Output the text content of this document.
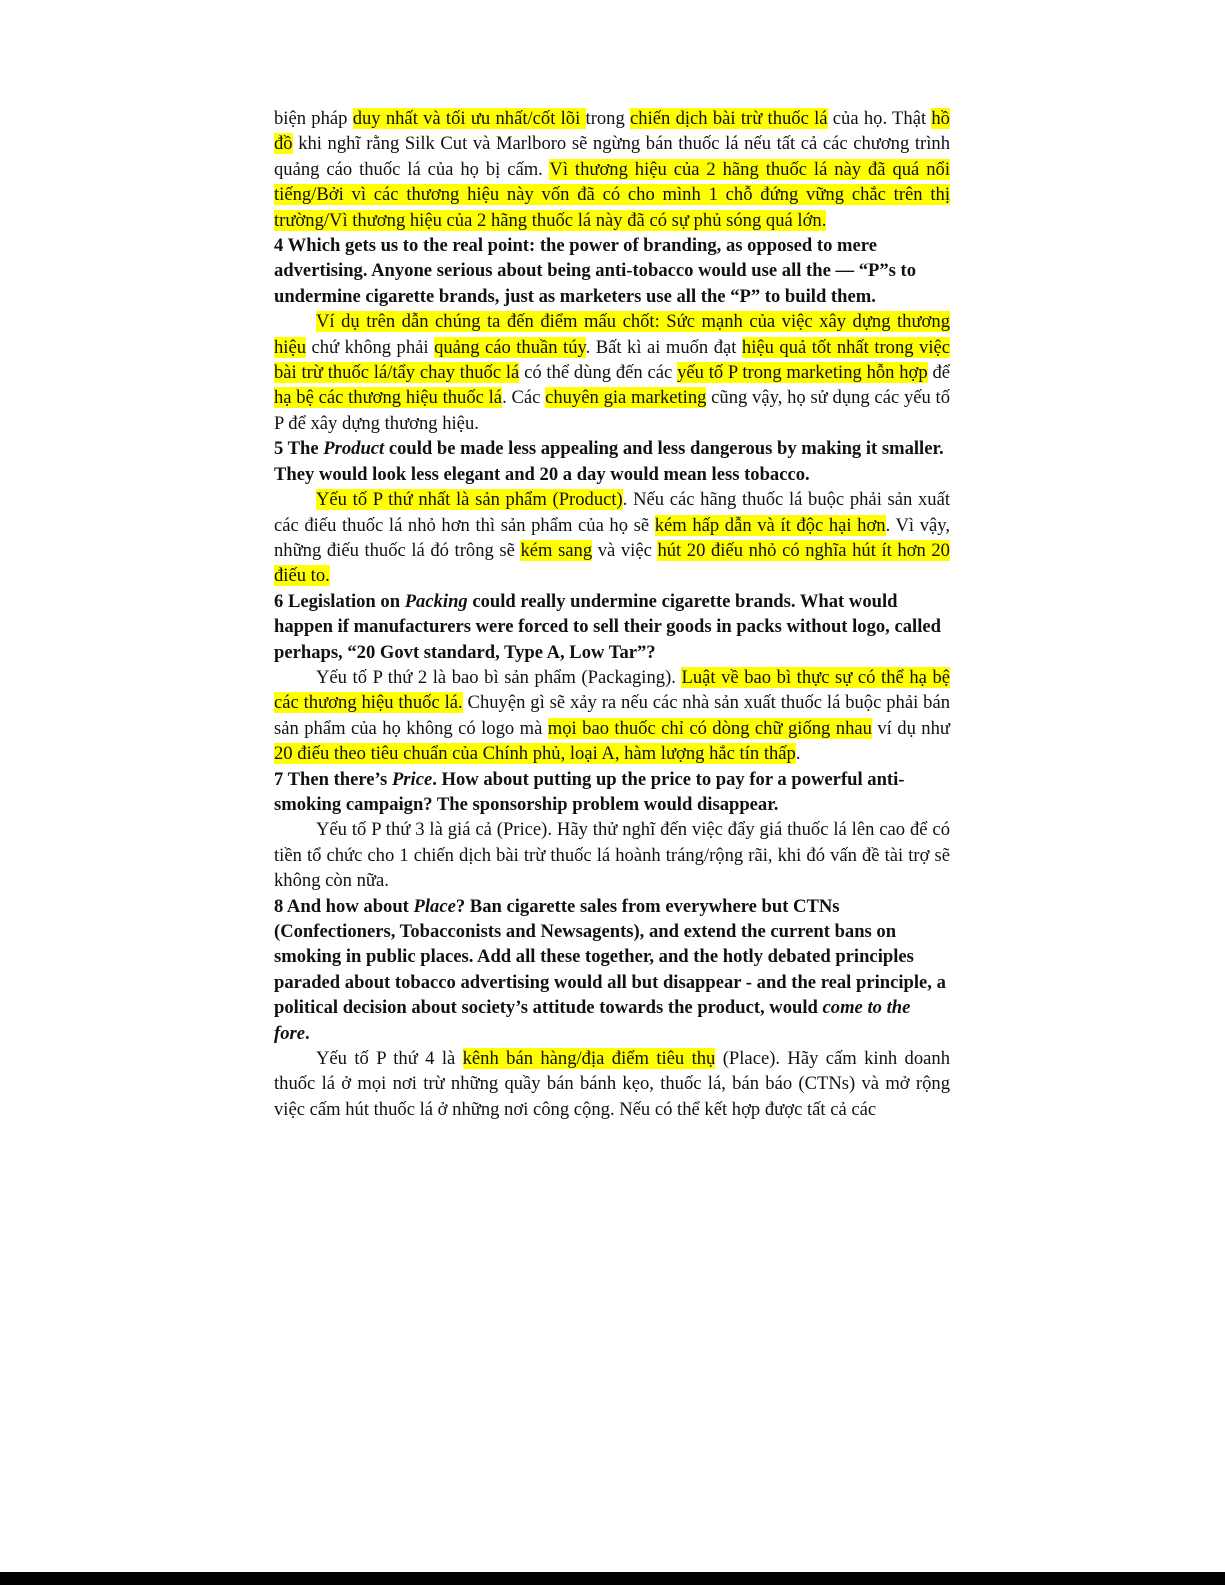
biện pháp duy nhất và tối ưu nhất/cốt lõi trong chiến dịch bài trừ thuốc lá của họ. Thật hồ đồ khi nghĩ rằng Silk Cut và Marlboro sẽ ngừng bán thuốc lá nếu tất cả các chương trình quảng cáo thuốc lá của họ bị cấm. Vì thương hiệu của 2 hãng thuốc lá này đã quá nổi tiếng/Bởi vì các thương hiệu này vốn đã có cho mình 1 chỗ đứng vững chắc trên thị trường/Vì thương hiệu của 2 hãng thuốc lá này đã có sự phủ sóng quá lớn.

4 Which gets us to the real point: the power of branding, as opposed to mere advertising. Anyone serious about being anti-tobacco would use all the — “P”s to undermine cigarette brands, just as marketers use all the “P” to build them.

Ví dụ trên dẫn chúng ta đến điểm mấu chốt: Sức mạnh của việc xây dựng thương hiệu chứ không phải quảng cáo thuần túy. Bất kì ai muốn đạt hiệu quả tốt nhất trong việc bài trừ thuốc lá/tẩy chay thuốc lá có thể dùng đến các yếu tố P trong marketing hỗn hợp để hạ bệ các thương hiệu thuốc lá. Các chuyên gia marketing cũng vậy, họ sử dụng các yếu tố P để xây dựng thương hiệu.

5 The Product could be made less appealing and less dangerous by making it smaller. They would look less elegant and 20 a day would mean less tobacco.

Yếu tố P thứ nhất là sản phẩm (Product). Nếu các hãng thuốc lá buộc phải sản xuất các điếu thuốc lá nhỏ hơn thì sản phẩm của họ sẽ kém hấp dẫn và ít độc hại hơn. Vì vậy, những điếu thuốc lá đó trông sẽ kém sang và việc hút 20 điếu nhỏ có nghĩa hút ít hơn 20 điếu to.

6 Legislation on Packing could really undermine cigarette brands. What would happen if manufacturers were forced to sell their goods in packs without logo, called perhaps, “20 Govt standard, Type A, Low Tar”?

Yếu tố P thứ 2 là bao bì sản phẩm (Packaging). Luật về bao bì thực sự có thể hạ bệ các thương hiệu thuốc lá. Chuyện gì sẽ xảy ra nếu các nhà sản xuất thuốc lá buộc phải bán sản phẩm của họ không có logo mà mọi bao thuốc chỉ có dòng chữ giống nhau ví dụ như 20 điếu theo tiêu chuẩn của Chính phủ, loại A, hàm lượng hắc tín thấp.

7 Then there’s Price. How about putting up the price to pay for a powerful anti-smoking campaign? The sponsorship problem would disappear.

Yếu tố P thứ 3 là giá cả (Price). Hãy thử nghĩ đến việc đẩy giá thuốc lá lên cao để có tiền tổ chức cho 1 chiến dịch bài trừ thuốc lá hoành tráng/rộng rãi, khi đó vấn đề tài trợ sẽ không còn nữa.

8 And how about Place? Ban cigarette sales from everywhere but CTNs (Confectioners, Tobacconists and Newsagents), and extend the current bans on smoking in public places. Add all these together, and the hotly debated principles paraded about tobacco advertising would all but disappear - and the real principle, a political decision about society’s attitude towards the product, would come to the fore.

Yếu tố P thứ 4 là kênh bán hàng/địa điểm tiêu thụ (Place). Hãy cấm kinh doanh thuốc lá ở mọi nơi trừ những quầy bán bánh kẹo, thuốc lá, bán báo (CTNs) và mở rộng việc cấm hút thuốc lá ở những nơi công cộng. Nếu có thể kết hợp được tất cả các
